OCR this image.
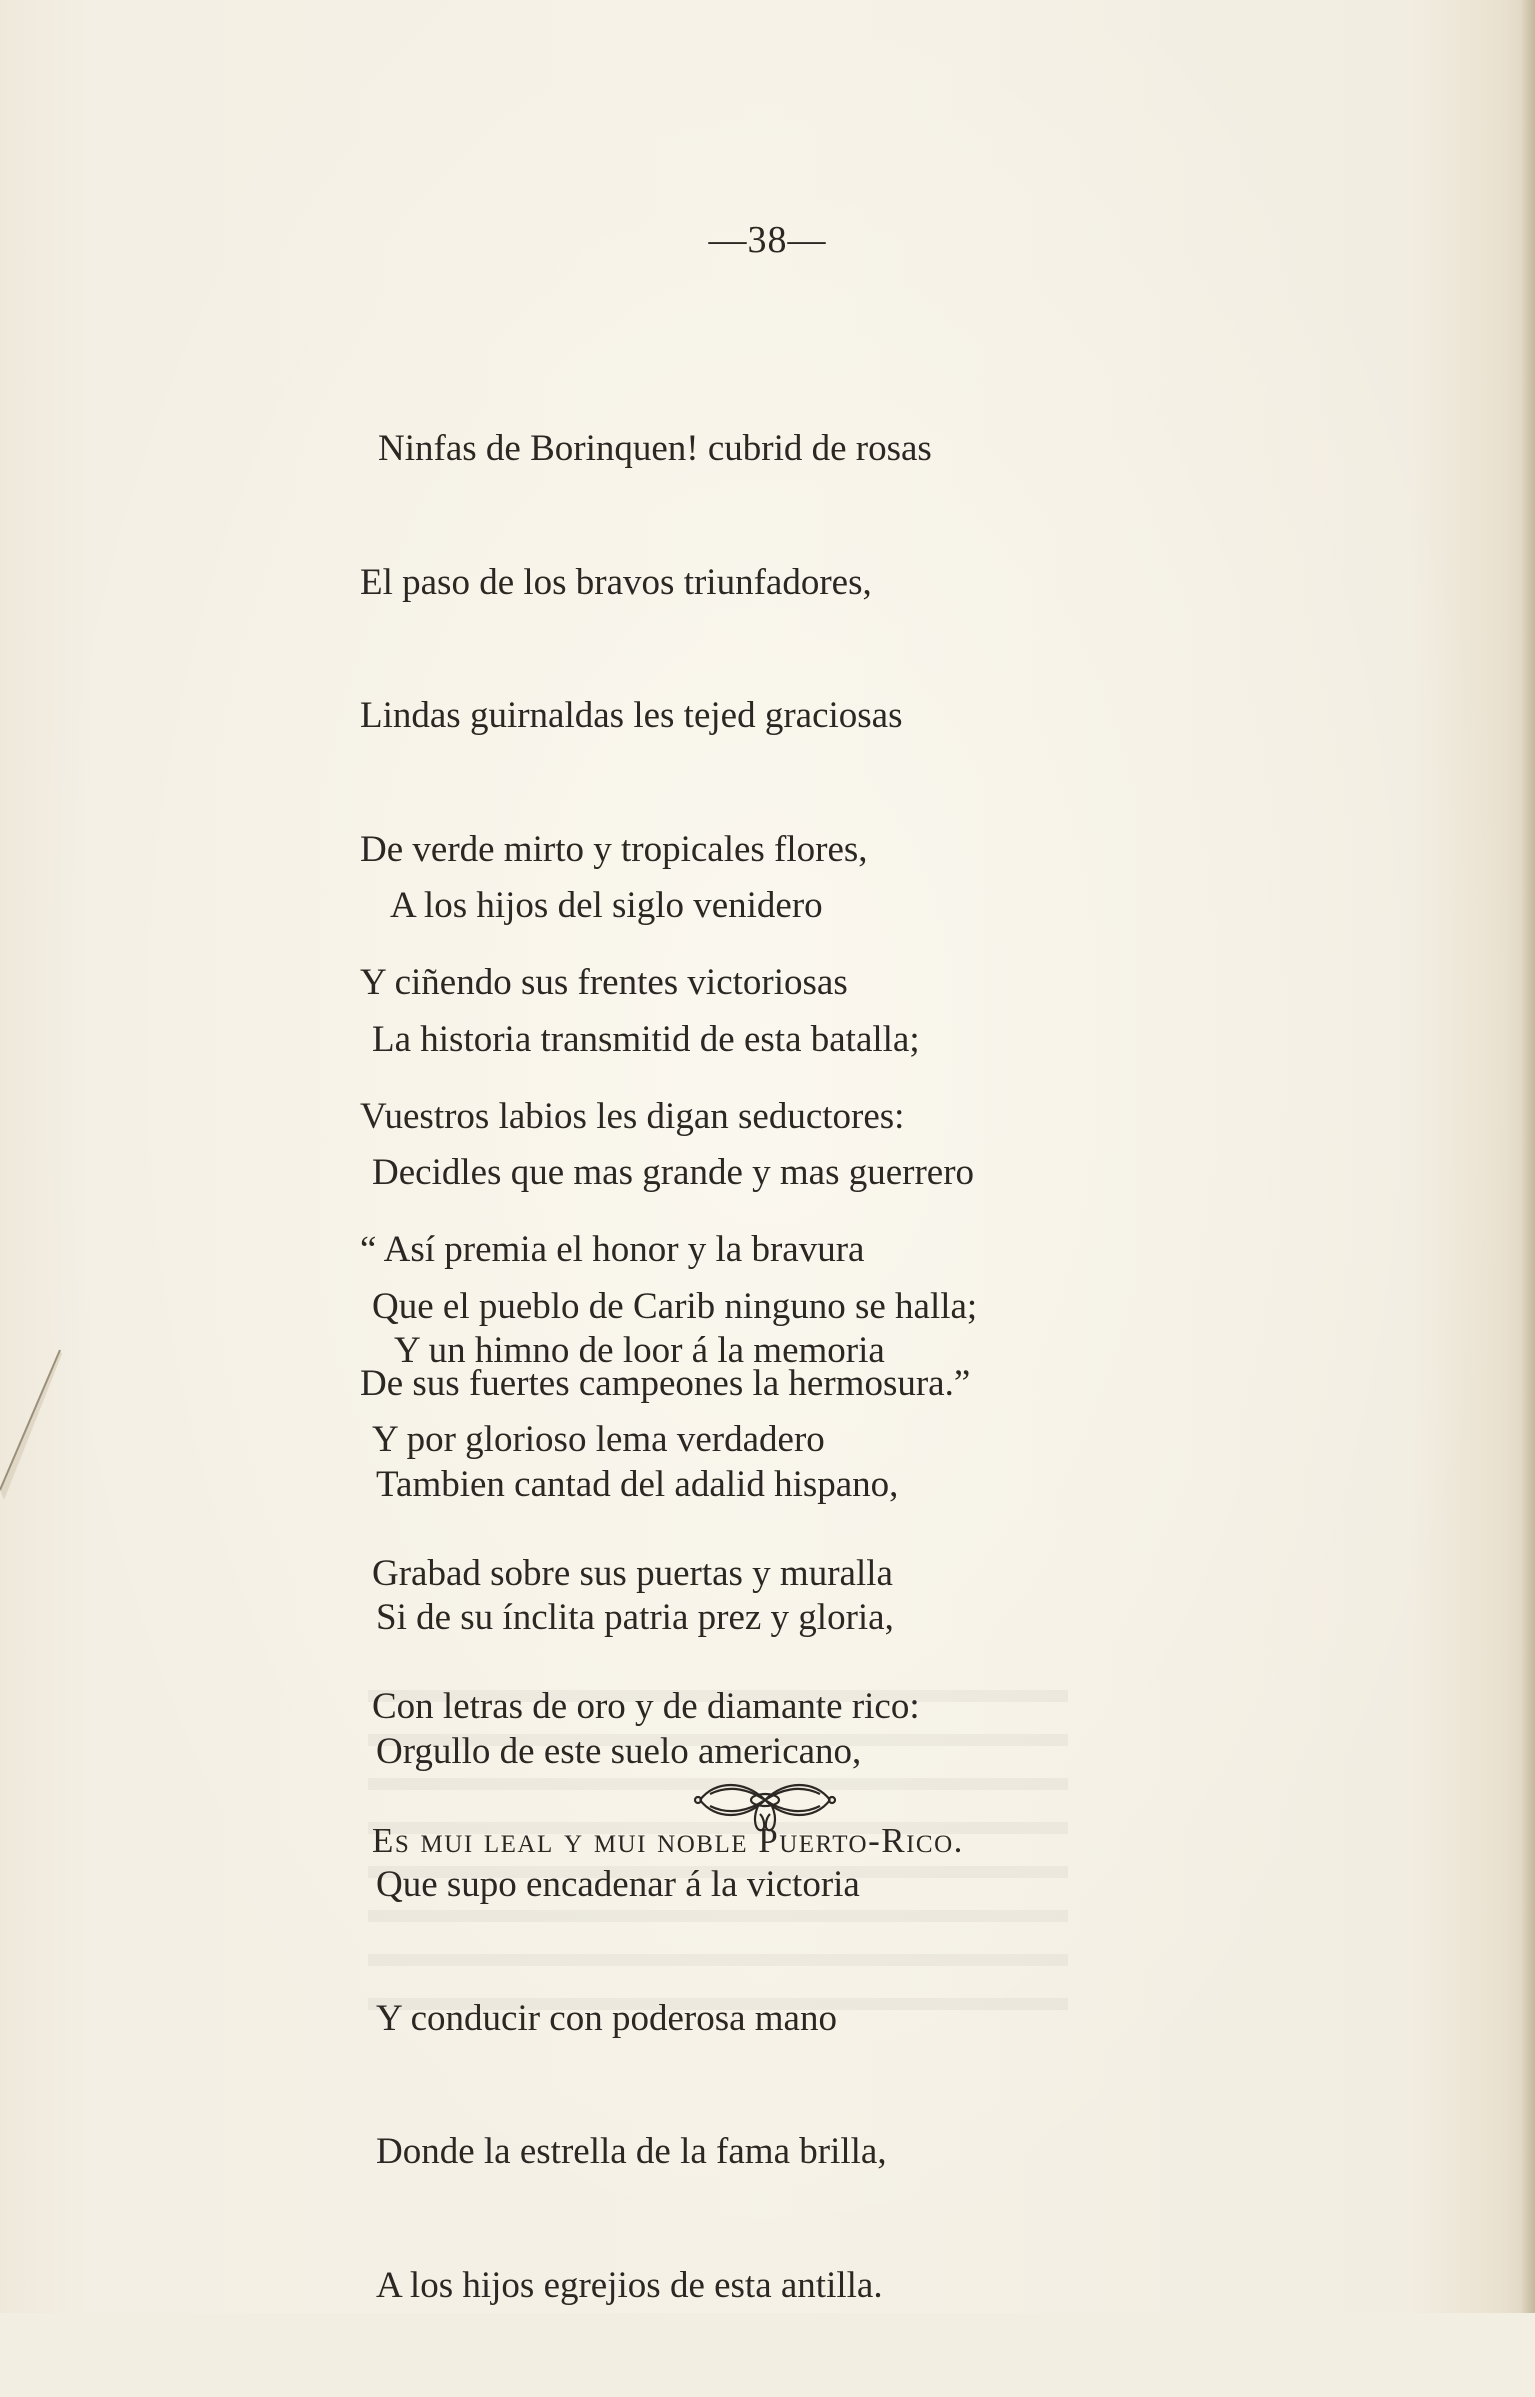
—38—

Ninfas de Borinquen! cubrid de rosas

El paso de los bravos triunfadores,

Lindas guirnaldas les tejed graciosas

De verde mirto y tropicales flores,

Y ciñendo sus frentes victoriosas

Vuestros labios les digan seductores:

“ Así premia el honor y la bravura

De sus fuertes campeones la hermosura.”

A los hijos del siglo venidero

La historia transmitid de esta batalla;

Decidles que mas grande y mas guerrero

Que el pueblo de Carib ninguno se halla;

Y por glorioso lema verdadero

Grabad sobre sus puertas y muralla

Con letras de oro y de diamante rico:

Es mui leal y mui noble Puerto-Rico.

Y un himno de loor á la memoria

Tambien cantad del adalid hispano,

Si de su ínclita patria prez y gloria,

Orgullo de este suelo americano,

Que supo encadenar á la victoria

Y conducir con poderosa mano

Donde la estrella de la fama brilla,

A los hijos egrejios de esta antilla.
